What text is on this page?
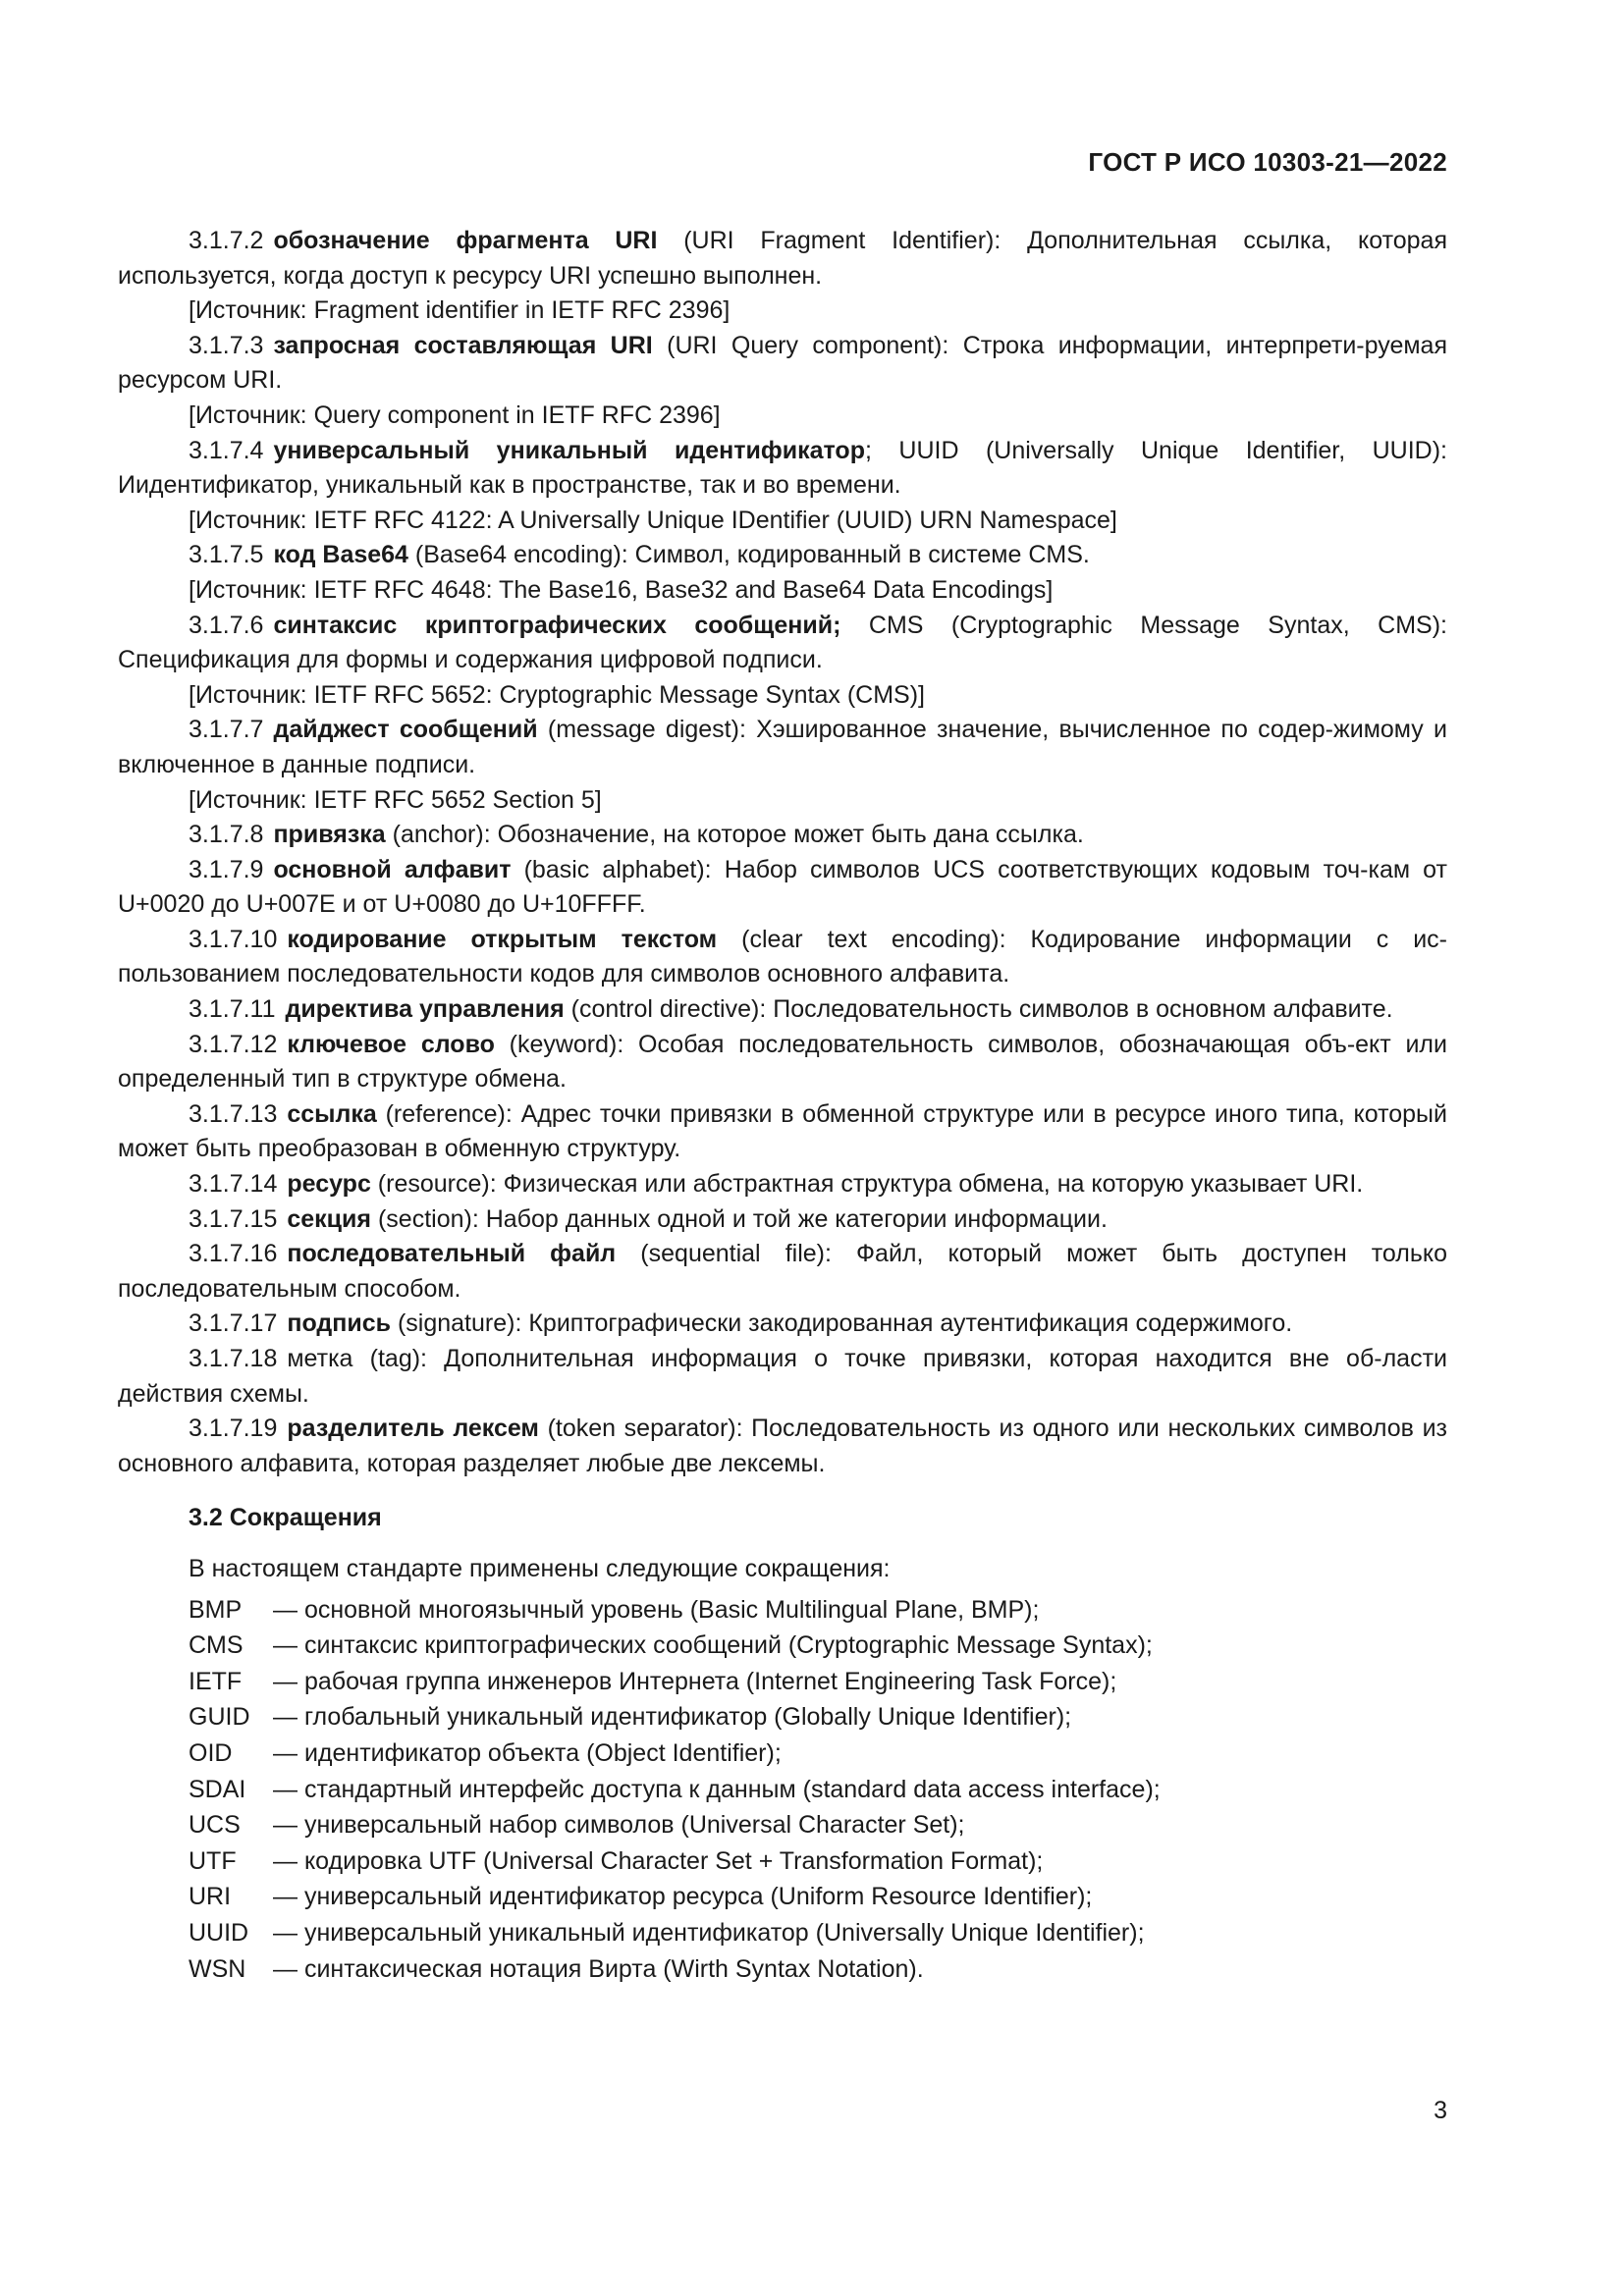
ГОСТ Р ИСО 10303-21—2022

3.1.7.2 обозначение фрагмента URI (URI Fragment Identifier): Дополнительная ссылка, которая используется, когда доступ к ресурсу URI успешно выполнен.

[Источник: Fragment identifier in IETF RFC 2396]

3.1.7.3 запросная составляющая URI (URI Query component): Строка информации, интерпрети-руемая ресурсом URI.

[Источник: Query component in IETF RFC 2396]

3.1.7.4 универсальный уникальный идентификатор; UUID (Universally Unique Identifier, UUID): Иидентификатор, уникальный как в пространстве, так и во времени.

[Источник: IETF RFC 4122: A Universally Unique IDentifier (UUID) URN Namespace]

3.1.7.5 код Base64 (Base64 encoding): Символ, кодированный в системе CMS.

[Источник: IETF RFC 4648: The Base16, Base32 and Base64 Data Encodings]

3.1.7.6 синтаксис криптографических сообщений; CMS (Cryptographic Message Syntax, CMS): Спецификация для формы и содержания цифровой подписи.

[Источник: IETF RFC 5652: Cryptographic Message Syntax (CMS)]

3.1.7.7 дайджест сообщений (message digest): Хэшированное значение, вычисленное по содер-жимому и включенное в данные подписи.

[Источник: IETF RFC 5652 Section 5]

3.1.7.8 привязка (anchor): Обозначение, на которое может быть дана ссылка.

3.1.7.9 основной алфавит (basic alphabet): Набор символов UCS соответствующих кодовым точ-кам от U+0020 до U+007E и от U+0080 до U+10FFFF.

3.1.7.10 кодирование открытым текстом (clear text encoding): Кодирование информации с ис-пользованием последовательности кодов для символов основного алфавита.

3.1.7.11 директива управления (control directive): Последовательность символов в основном алфавите.

3.1.7.12 ключевое слово (keyword): Особая последовательность символов, обозначающая объ-ект или определенный тип в структуре обмена.

3.1.7.13 ссылка (reference): Адрес точки привязки в обменной структуре или в ресурсе иного типа, который может быть преобразован в обменную структуру.

3.1.7.14 ресурс (resource): Физическая или абстрактная структура обмена, на которую указывает URI.

3.1.7.15 секция (section): Набор данных одной и той же категории информации.

3.1.7.16 последовательный файл (sequential file): Файл, который может быть доступен только последовательным способом.

3.1.7.17 подпись (signature): Криптографически закодированная аутентификация содержимого.

3.1.7.18 метка (tag): Дополнительная информация о точке привязки, которая находится вне об-ласти действия схемы.

3.1.7.19 разделитель лексем (token separator): Последовательность из одного или нескольких символов из основного алфавита, которая разделяет любые две лексемы.

3.2 Сокращения

В настоящем стандарте применены следующие сокращения:

BMP	— основной многоязычный уровень (Basic Multilingual Plane, BMP);
CMS	— синтаксис криптографических сообщений (Cryptographic Message Syntax);
IETF	— рабочая группа инженеров Интернета (Internet Engineering Task Force);
GUID — глобальный уникальный идентификатор (Globally Unique Identifier);
OID	— идентификатор объекта (Object Identifier);
SDAI	— стандартный интерфейс доступа к данным (standard data access interface);
UCS	— универсальный набор символов (Universal Character Set);
UTF	— кодировка UTF (Universal Character Set + Transformation Format);
URI	— универсальный идентификатор ресурса (Uniform Resource Identifier);
UUID — универсальный уникальный идентификатор (Universally Unique Identifier);
WSN	— синтаксическая нотация Вирта (Wirth Syntax Notation).
3
